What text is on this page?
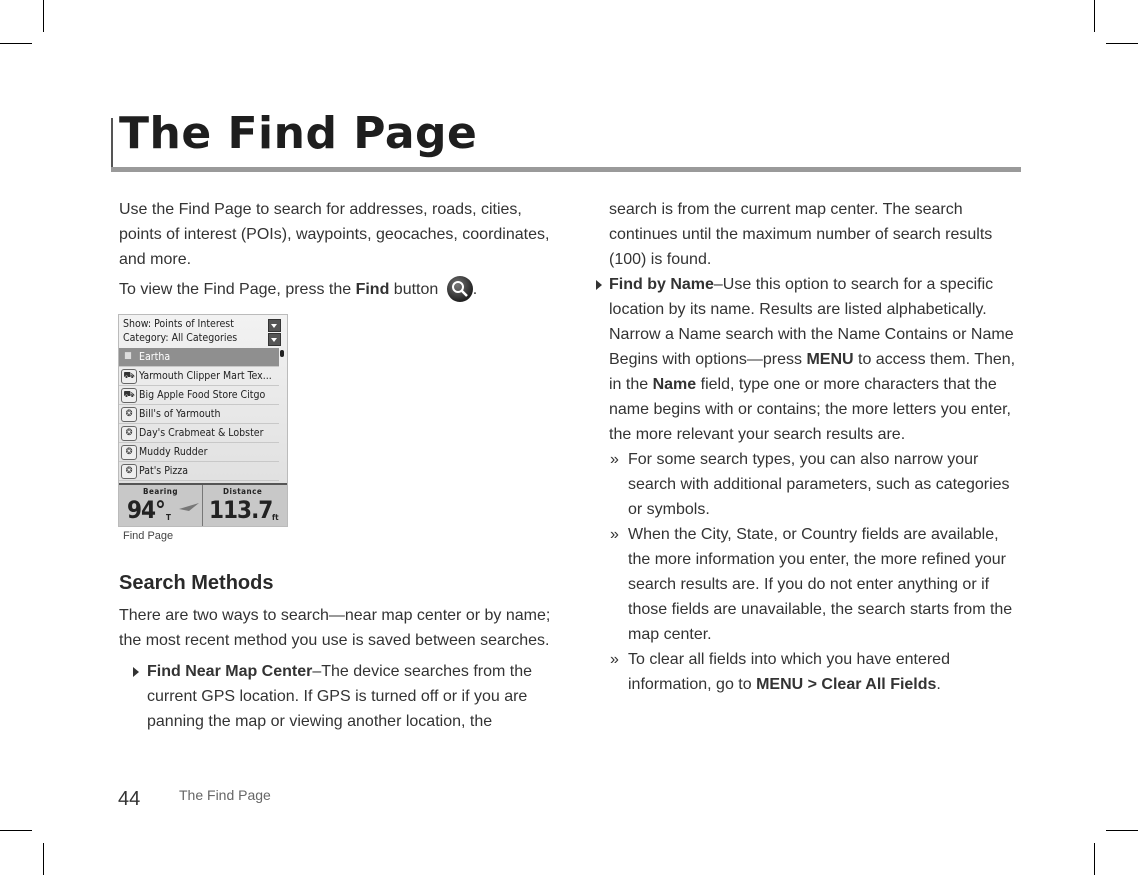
The Find Page

Use the Find Page to search for addresses, roads, cities, points of interest (POIs), waypoints, geocaches, coordinates, and more.

To view the Find Page, press the Find button .

Show: Points of Interest
Category: All Categories
■ Eartha
⛟ Yarmouth Clipper Mart Tex...
⛟ Big Apple Food Store Citgo
❂ Bill's of Yarmouth
❂ Day's Crabmeat & Lobster
❂ Muddy Rudder
❂ Pat's Pizza
Bearing
94° T
Distance
113.7 ft
Find Page
Search Methods

There are two ways to search—near map center or by name; the most recent method you use is saved between searches.

Find Near Map Center–The device searches from the current GPS location. If GPS is turned off or if you are panning the map or viewing another location, the

search is from the current map center. The search continues until the maximum number of search results (100) is found.

Find by Name–Use this option to search for a specific location by its name. Results are listed alphabetically.

Narrow a Name search with the Name Contains or Name Begins with options—press MENU to access them. Then, in the Name field, type one or more characters that the name begins with or contains; the more letters you enter, the more relevant your search results are.

» For some search types, you can also narrow your search with additional parameters, such as categories or symbols.

» When the City, State, or Country fields are available, the more information you enter, the more refined your search results are. If you do not enter anything or if those fields are unavailable, the search starts from the map center.

» To clear all fields into which you have entered information, go to MENU > Clear All Fields.

44	The Find Page
